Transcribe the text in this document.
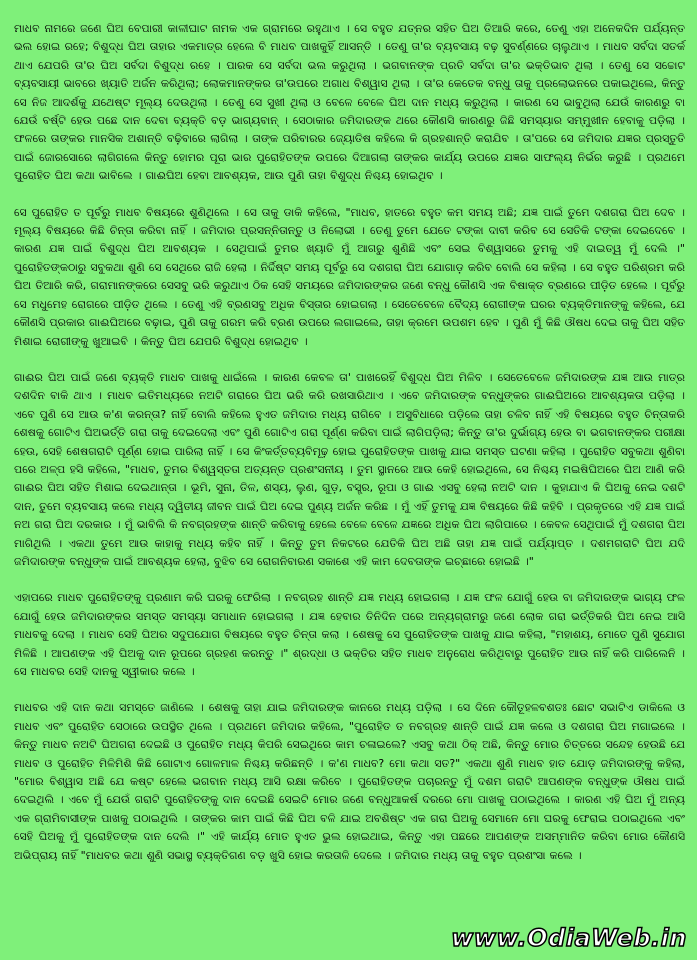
ମାଧବ ନାମରେ ଜଣେ ଘିଅ ବେପାରୀ କାଳୀଘାଟ ନାମକ ଏକ ଗ୍ରାମରେ ରହୁଥାଏ । ସେ ବହୁତ ଯତ୍ନର ସହିତ ଘିଅ ତିଆରି କରେ, ତେଣୁ ଏହା ଅନେକଦିନ ପର୍ଯ୍ୟନ୍ତ ଭଲ ହୋଇ ରହେ; ବିଶୁଦ୍ଧ ଘିଅ ତାହାର ଏକମାତ୍ର ହେଲେ ବି ମାଧବ ପାଖକୁହିଁ ଆସନ୍ତି । ତେଣୁ ତା'ର ବ୍ୟବସାୟ ବଢ଼ ସୁବର୍ଣ୍ଣରେ ଚାଲୁଥାଏ । ମାଧବ ସର୍ବଦା ସତର୍କ ଥାଏ ଯେପରି ତା'ର ଘିଅ ସର୍ବଦା ବିଶୁଦ୍ଧ ରହେ । ପାରକ ସେ ସର୍ବଦା ଭଲ କରୁଥିଲା । ଭଗବାନଙ୍କ ପ୍ରତି ସର୍ବଦା ତା'ର ଭକ୍ତିଭାବ ଥିଲା । ତେଣୁ ସେ ସଚ୍ଚୋଟ ବ୍ୟବସାୟୀ ଭାବରେ ଖ୍ୟାତି ଅର୍ଜନ କରିଥିଲା; ଲୋକମାନଙ୍କର ତା'ଉପରେ ଅଗାଧ ବିଶ୍ୱାସ ଥିଲା । ତା'ର କେତେକ ବନ୍ଧୁ ତାକୁ ପ୍ରଲୋଭନରେ ପକାଇଥିଲେ, କିନ୍ତୁ ସେ ନିଜ ଆଦର୍ଶକୁ ଯଥେଷ୍ଟ ମୂଲ୍ୟ ଦେଉଥିଲା । ତେଣୁ ସେ ସୁଖୀ ଥିଲା ଓ ବେଳେ ବେଳେ ଘିଅ ଦାନ ମଧ୍ୟ କରୁଥିଲା । କାରଣ ସେ ଭାବୁଥିଲା ଯେଉଁ କାରଣରୁ ବା ଯେଉଁ ବର୍ଷ୍ଟି ହେଉ ପଛେ ଦାନ ଦେବା ବ୍ୟକ୍ତି ବଡ଼ ଭାଗ୍ୟବାନ୍ । ସେଠାକାର ଜମିଦାରଙ୍କ ଥରେ କୌଣସି କାରଣରୁ ଜିଛି ସମସ୍ୟାର ସମ୍ମୁଖୀନ ହେବାକୁ ପଡ଼ିଲା । ଫଳରେ ତାଙ୍କର ମାନସିକ ଅଶାନ୍ତି ବଢ଼ିବାରେ ଲାଗିଲା । ତାଙ୍କ ପରିବାରର ଜ୍ୟୋତିଷ କହିଲେ କି ଗ୍ରହଶାନ୍ତି କରାଯିବ । ତା'ପରେ ସେ ଜମିଦାର ଯଜ୍ଞର ପ୍ରସ୍ତୁତି ପାଇଁ ଜୋରସୋରେ ଲାଗିଗଲେ କିନ୍ତୁ ହୋମର ପୂରା ଭାର ପୁରୋହିତଙ୍କ ଉପରେ ଦିଆଗଲା ତାଙ୍କର କାର୍ଯ୍ୟ ଉପରେ ଯଜ୍ଞର ସାଫଲ୍ୟ ନିର୍ଭର କରୁଛି । ପ୍ରଥମେ ପୁରୋହିତ ଘିଅ କଥା ଭାବିଲେ । ଗାଈଘିଅ ହେବା ଆବଶ୍ୟକ, ଆଉ ପୁଣି ତାହା ବିଶୁଦ୍ଧ ନିଶ୍ଚୟ ହୋଇଥିବ ।

ସେ ପୁରୋହିତ ତ ପୂର୍ବରୁ ମାଧବ ବିଷୟରେ ଶୁଣିଥିଲେ । ସେ ତାକୁ ଡାକି କହିଲେ, "ମାଧବ, ହାତରେ ବହୁତ କମ ସମୟ ଅଛି; ଯଜ୍ଞ ପାଇଁ ତୁମେ ଦଶଗରା ଘିଅ ଦେବ । ମୂଲ୍ୟ ବିଷୟରେ କିଛି ଚିନ୍ତା କରିବା ନାହିଁ । ଜମିଦାର ପ୍ରସନ୍ନିତାନ୍ତୁ ଓ ନିଲୋଭୀ । ତେଣୁ ତୁମେ ଯେତେ ଟଙ୍କା ଦାବୀ କରିବ ସେ ସେତିକି ଟଙ୍କା ଦେଇଦେବେ । କାରଣ ଯଜ୍ଞ ପାଇଁ ବିଶୁଦ୍ଧ ଘିଅ ଆବଶ୍ୟକ । ସେଥିପାଇଁ ତୁମର ଖ୍ୟାତି ମୁଁ ଆଗରୁ ଶୁଣିଛି ଏବଂ ସେଇ ବିଶ୍ୱାସରେ ତୁମକୁ ଏହି ଦାଇତ୍ୱ ମୁଁ ଦେଲି ।" ପୁରୋହିତଙ୍କଠାରୁ ସବୁକଥା ଶୁଣି ସେ ସେଥିରେ ରାଜି ହେଲା । ନିର୍ଦ୍ଦିଷ୍ଟ ସମୟ ପୂର୍ବରୁ ସେ ଦଶଗରା ଘିଅ ଯୋଗାଡ଼ କରିବ ବୋଲି ସେ କହିଲା । ସେ ବହୁତ ପରିଶ୍ରମ କରି ଘିଅ ତିଆରି କରି, ଗରାମାନଙ୍କରେ ସେସବୁ ଭରି କରୁଥାଏ ଠିକ ସେହି ସମୟରେ ଜମିଦାରଙ୍କର ଜଣେ ବନ୍ଧୁ କୌଣସି ଏକ ବିଷାକ୍ତ ବ୍ରଣରେ ପୀଡ଼ିତ ହେଲେ । ପୂର୍ବରୁ ସେ ମଧୁମେହ ରୋଗରେ ପୀଡ଼ିତ ଥିଲେ । ତେଣୁ ଏହି ବ୍ରଣସବୁ ଅଧିକ ବିସ୍ତାର ହୋଇଗଲା । ସେତେବେଳେ ବୈଦ୍ୟ ରୋଗୀଙ୍କ ଘରର ବ୍ୟକ୍ତିମାନଙ୍କୁ କହିଲେ, ଯେ କୌଣସି ପ୍ରକାର ଗାଈଘିଅରେ ବଢ଼ାଇ, ପୁଣି ତାକୁ ଗରମ କରି ବ୍ରଣ ଉପରେ ଲଗାଇଲେ, ତାହା କ୍ରମେ ଉପଶମ ହେବ । ପୁଣି ମୁଁ କିଛି ଔଷଧ ଦେଇ ତାକୁ ଘିଅ ସହିତ ମିଶାଇ ରୋଗୀଙ୍କୁ ଖୁଆଇବି । କିନ୍ତୁ ଘିଅ ଯେପରି ବିଶୁଦ୍ଧ ହୋଇଥିବ ।

ଗାଈର ଘିଅ ପାଇଁ ଜଣେ ବ୍ୟକ୍ତି ମାଧବ ପାଖକୁ ଧାଇଁଲେ । କାରଣ କେବଳ ତା' ପାଖରେହିଁ ବିଶୁଦ୍ଧ ଘିଅ ମିଳିବ । ସେତେବେଳେ ଜମିଦାରଙ୍କ ଯଜ୍ଞ ଆଉ ମାତ୍ର ଦଶଦିନ ବାକି ଥାଏ । ମାଧବ ଇତିମଧ୍ୟରେ ନଅଟି ଗରାରେ ଘିଅ ଭରି କରି ରଖସାରିଥାଏ । ଏବେ ଜମିଦାରଙ୍କ ବନ୍ଧୁଙ୍କର ଗାଈଘିଅରେ ଆବଶ୍ୟକତା ପଡ଼ିଲା । ଏବେ ପୁଣି ସେ ଆଉ କ'ଣ କରନ୍ତା? ନାହିଁ ବୋଲି କହିଲେ ହୁଏତ ଜମିଦାର ମଧ୍ୟ ରାଗିବେ । ଅସୁବିଧାରେ ପଡ଼ିଲେ ତାହା ଚଳିବ ନାହିଁ ଏହି ବିଷୟରେ ବହୁତ ଚିନ୍ତାକରି ଶେଷକୁ ଗୋଟିଏ ଘିଅଭର୍ତ୍ତି ଗରା ତାକୁ ଦେଇଦେଲା ଏବଂ ପୁଣି ଗୋଟିଏ ଗରା ପୂର୍ଣ୍ଣ କରିବା ପାଇଁ ଲାଗିପଡ଼ିଲା; କିନ୍ତୁ ତା'ର ଦୁର୍ଭାଗ୍ୟ ହେଉ ବା ଭଗବାନଙ୍କର ପରୀକ୍ଷା ହେଉ, ସେହି ଶେଷଗରାଟି ପୂର୍ଣ୍ଣ ହୋଇ ପାରିଲା ନାହିଁ । ସେ କିଂକର୍ତ୍ତବ୍ୟବିମୂଢ଼ ହୋଇ ପୁରୋହିତଙ୍କ ପାଖକୁ ଯାଇ ସମସ୍ତ ଘଟଣା କହିଲା । ପୁରୋହିତ ସବୁକଥା ଶୁଣିବା ପରେ ଅଳ୍ପ ହସି କହିଲେ, "ମାଧବ, ତୁମର ବିଶ୍ୱସ୍ତତା ଅତ୍ୟନ୍ତ ପ୍ରଶଂସନୀୟ । ତୁମ ସ୍ଥାନରେ ଆଉ କେହି ହୋଇଥିଲେ, ସେ ନିଶ୍ଚୟ ମଇଷିଘିଅରେ ଘିଅ ଆଣି କରି ଗାଈର ଘିଅ ସହିତ ମିଶାଇ ଦେଇଥାନ୍ତା । ଭୂମି, ସୁନା, ତିଳ, ଶସ୍ୟ, ଲୁଣ, ଗୁଡ଼, ବସ୍ତ୍ର, ରୂପା ଓ ଗାଈ ଏସବୁ ହେଲା ନଅଟି ଦାନ । କୁହାଯାଏ କି ଘିଅକୁ ନେଇ ଦଶଟି ଦାନ, ତୁମେ ବ୍ୟବସାୟ କଲେ ମଧ୍ୟ ଦ୍ୱିତୀୟ ଜୀବନ ପାଇଁ ଘିଅ ଦେଇ ପୁଣ୍ୟ ଅର୍ଜନ କରିଛ । ମୁଁ ଏହିଁ ତୁମକୁ ଯଜ୍ଞ ବିଷୟରେ କିଛି କହିବି । ପ୍ରକୃତରେ ଏହି ଯଜ୍ଞ ପାଇଁ ନଅ ଗରା ଘିଅ ଦରକାର । ମୁଁ ଭାବିଲି କି ନବଗ୍ରହଙ୍କ ଶାନ୍ତି କରିବାକୁ ହେଲେ ବେଳେ ବେଳେ ଯଜ୍ଞରେ ଅଧିକ ଘିଅ ଲାଗିପାରେ । କେବଳ ସେଥିପାଇଁ ମୁଁ ଦଶଗରା ଘିଅ ମାଗିଥିଲି । ଏକଥା ତୁମେ ଆଉ କାହାକୁ ମଧ୍ୟ କହିବ ନାହିଁ । କିନ୍ତୁ ତୁମ ନିକଟରେ ଯେତିକି ଘିଅ ଅଛି ତାହା ଯଜ୍ଞ ପାଇଁ ପର୍ଯ୍ୟାପ୍ତ । ଦଶମଗରାଟି ଘିଅ ଯଦି ଜମିଦାରଙ୍କ ବନ୍ଧୁଙ୍କ ପାଇଁ ଆବଶ୍ୟକ ହେଲା, ବୁଝିବ ସେ ରୋଗନିବାରଣ ସକାଶେ ଏହି କାମ ଦେବତାଙ୍କ ଇଚ୍ଛାରେ ହୋଇଛି ।"

ଏହାପରେ ମାଧବ ପୁରୋହିତଙ୍କୁ ପ୍ରଣାମ କରି ଘରକୁ ଫେରିଲା । ନବଗ୍ରହ ଶାନ୍ତି ଯଜ୍ଞ ମଧ୍ୟ ହୋଇଗଲା । ଯଜ୍ଞ ଫଳ ଯୋଗୁଁ ହେଉ ବା ଜମିଦାରଙ୍କ ଭାଗ୍ୟ ଫଳ ଯୋଗୁଁ ହେଉ ଜମିଦାରଙ୍କର ସମସ୍ତ ସମସ୍ୟା ସମାଧାନ ହୋଇଗଲା । ଯଜ୍ଞ ହେବାର ତିନିଦିନ ପରେ ଅନ୍ୟଗ୍ରାମରୁ ଜଣେ ଲୋକ ଗରା ଭର୍ତ୍ତିକରି ଘିଅ ନେଇ ଆସି ମାଧବକୁ ଦେଲା । ମାଧବ ସେହି ଘିଅର ସଦୁପଯୋଗ ବିଷୟରେ ବହୁତ ଚିନ୍ତା କଲା । ଶେଷକୁ ସେ ପୁରୋହିତଙ୍କ ପାଖକୁ ଯାଇ କହିଲା, "ମହାଶୟ, ମୋତେ ପୁଣି ସୁଯୋଗ ମିଳିଛି । ଆପଣଙ୍କ ଏହି ଘିଅକୁ ଦାନ ରୂପରେ ଗ୍ରହଣ କରନ୍ତୁ ।" ଶ୍ରଦ୍ଧା ଓ ଭକ୍ତିର ସହିତ ମାଧବ ଅନୁରୋଧ କରିଥିବାରୁ ପୁରୋହିତ ଆଉ ନାହିଁ କରି ପାରିଲେନି । ସେ ମାଧବର ସେହି ଦାନକୁ ସ୍ୱୀକାର କଲେ ।

ମାଧବର ଏହି ଦାନ କଥା ସମସ୍ତେ ଜାଣିଲେ । ଶେଷକୁ ତାହା ଯାଇ ଜମିଦାରଙ୍କ କାନରେ ମଧ୍ୟ ପଡ଼ିଲା । ସେ ଦିନେ କୌତୂହଳବଶତଃ ଛୋଟ ସଭାଟିଏ ଡାକିଲେ ଓ ମାଧବ ଏବଂ ପୁରୋହିତ ସେଠାରେ ଉପସ୍ଥିତ ଥିଲେ । ପ୍ରଥମେ ଜମିଦାର କହିଲେ, "ପୁରୋହିତ ତ ନବଗ୍ରହ ଶାନ୍ତି ପାଇଁ ଯଜ୍ଞ କଲେ ଓ ଦଶଗରା ଘିଅ ମଗାଇଲେ । କିନ୍ତୁ ମାଧବ ନଅଟି ଘିଅଗରା ଦେଇଛି ଓ ପୁରୋହିତ ମଧ୍ୟ କିପରି ସେଇଥିରେ କାମ ଚଳାଇଲେ? ଏସବୁ କଥା ଠିକ୍ ଅଛି, କିନ୍ତୁ ମୋର ଚିତ୍ତରେ ସନ୍ଦେହ ହେଉଛି ଯେ ମାଧବ ଓ ପୁରୋହିତ ମିଳିମିଶି କିଛି ଗୋଟାଏ ଗୋଳମାଳ ନିଶ୍ଚୟ କରିଛନ୍ତି । କ'ଣ ମାଧବ? ମୋ କଥା ସତ?" ଏକଥା ଶୁଣି ମାଧବ ହାତ ଯୋଡ଼ ଜମିଦାରଙ୍କୁ କହିଲା, "ମୋର ବିଶ୍ୱାସ ଅଛି ଯେ କଷ୍ଟ ହେଲେ ଭଗବାନ ମଧ୍ୟ ଆସି ରକ୍ଷା କରିବେ । ପୁରୋହିତଙ୍କ ପଚାରନ୍ତୁ ମୁଁ ଦଶମ ଗରାଟି ଆପଣଙ୍କ ବନ୍ଧୁଙ୍କ ଔଷଧ ପାଇଁ ଦେଇଥିଲି । ଏବେ ମୁଁ ଯେଉଁ ଗରାଟି ପୁରୋହିତଙ୍କୁ ଦାନ ଦେଇଛି ସେଇଟି ମୋର ଜଣେ ବନ୍ଧୁଆକର୍ଷ ଦରରେ ମୋ ପାଖକୁ ପଠାଇଥିଲେ । କାରଣ ଏହି ଘିଅ ମୁଁ ଅନ୍ୟ ଏକ ଗ୍ରାମିବାସୀଙ୍କ ପାଖକୁ ପଠାଇଥିଲି । ତାଙ୍କର କାମ ପାଇଁ କିଛି ଘିଅ ବଳି ଯାଇ ଅବଶିଷ୍ଟ ଏକ ଗରା ଘିଅକୁ ସେମାନେ ମୋ ଘରକୁ ଫେରାଇ ପଠାଇଥିଲେ ଏବଂ ସେହି ଘିଅକୁ ମୁଁ ପୁରୋହିତଙ୍କ ଦାନ ଦେଲି ।" ଏହି କାର୍ଯ୍ୟ ମୋତ ହୁଏତ ଭୁଲ ହୋଇଥାଇ, କିନ୍ତୁ ଏହା ପଛରେ ଆପଣଙ୍କ ଅସମ୍ମାନିତ କରିବା ମୋର କୌଣସି ଅଭିପ୍ରାୟ ନାହିଁ "ମାଧବର କଥା ଶୁଣି ସଭାସ୍ଥ ବ୍ୟକ୍ତିଗଣ ବଡ଼ ଖୁସି ହୋଇ କରତାଳି ଦେଲେ । ଜମିଦାର ମଧ୍ୟ ତାକୁ ବହୁତ ପ୍ରଶଂସା କଲେ ।

www.OdiaWeb.in
